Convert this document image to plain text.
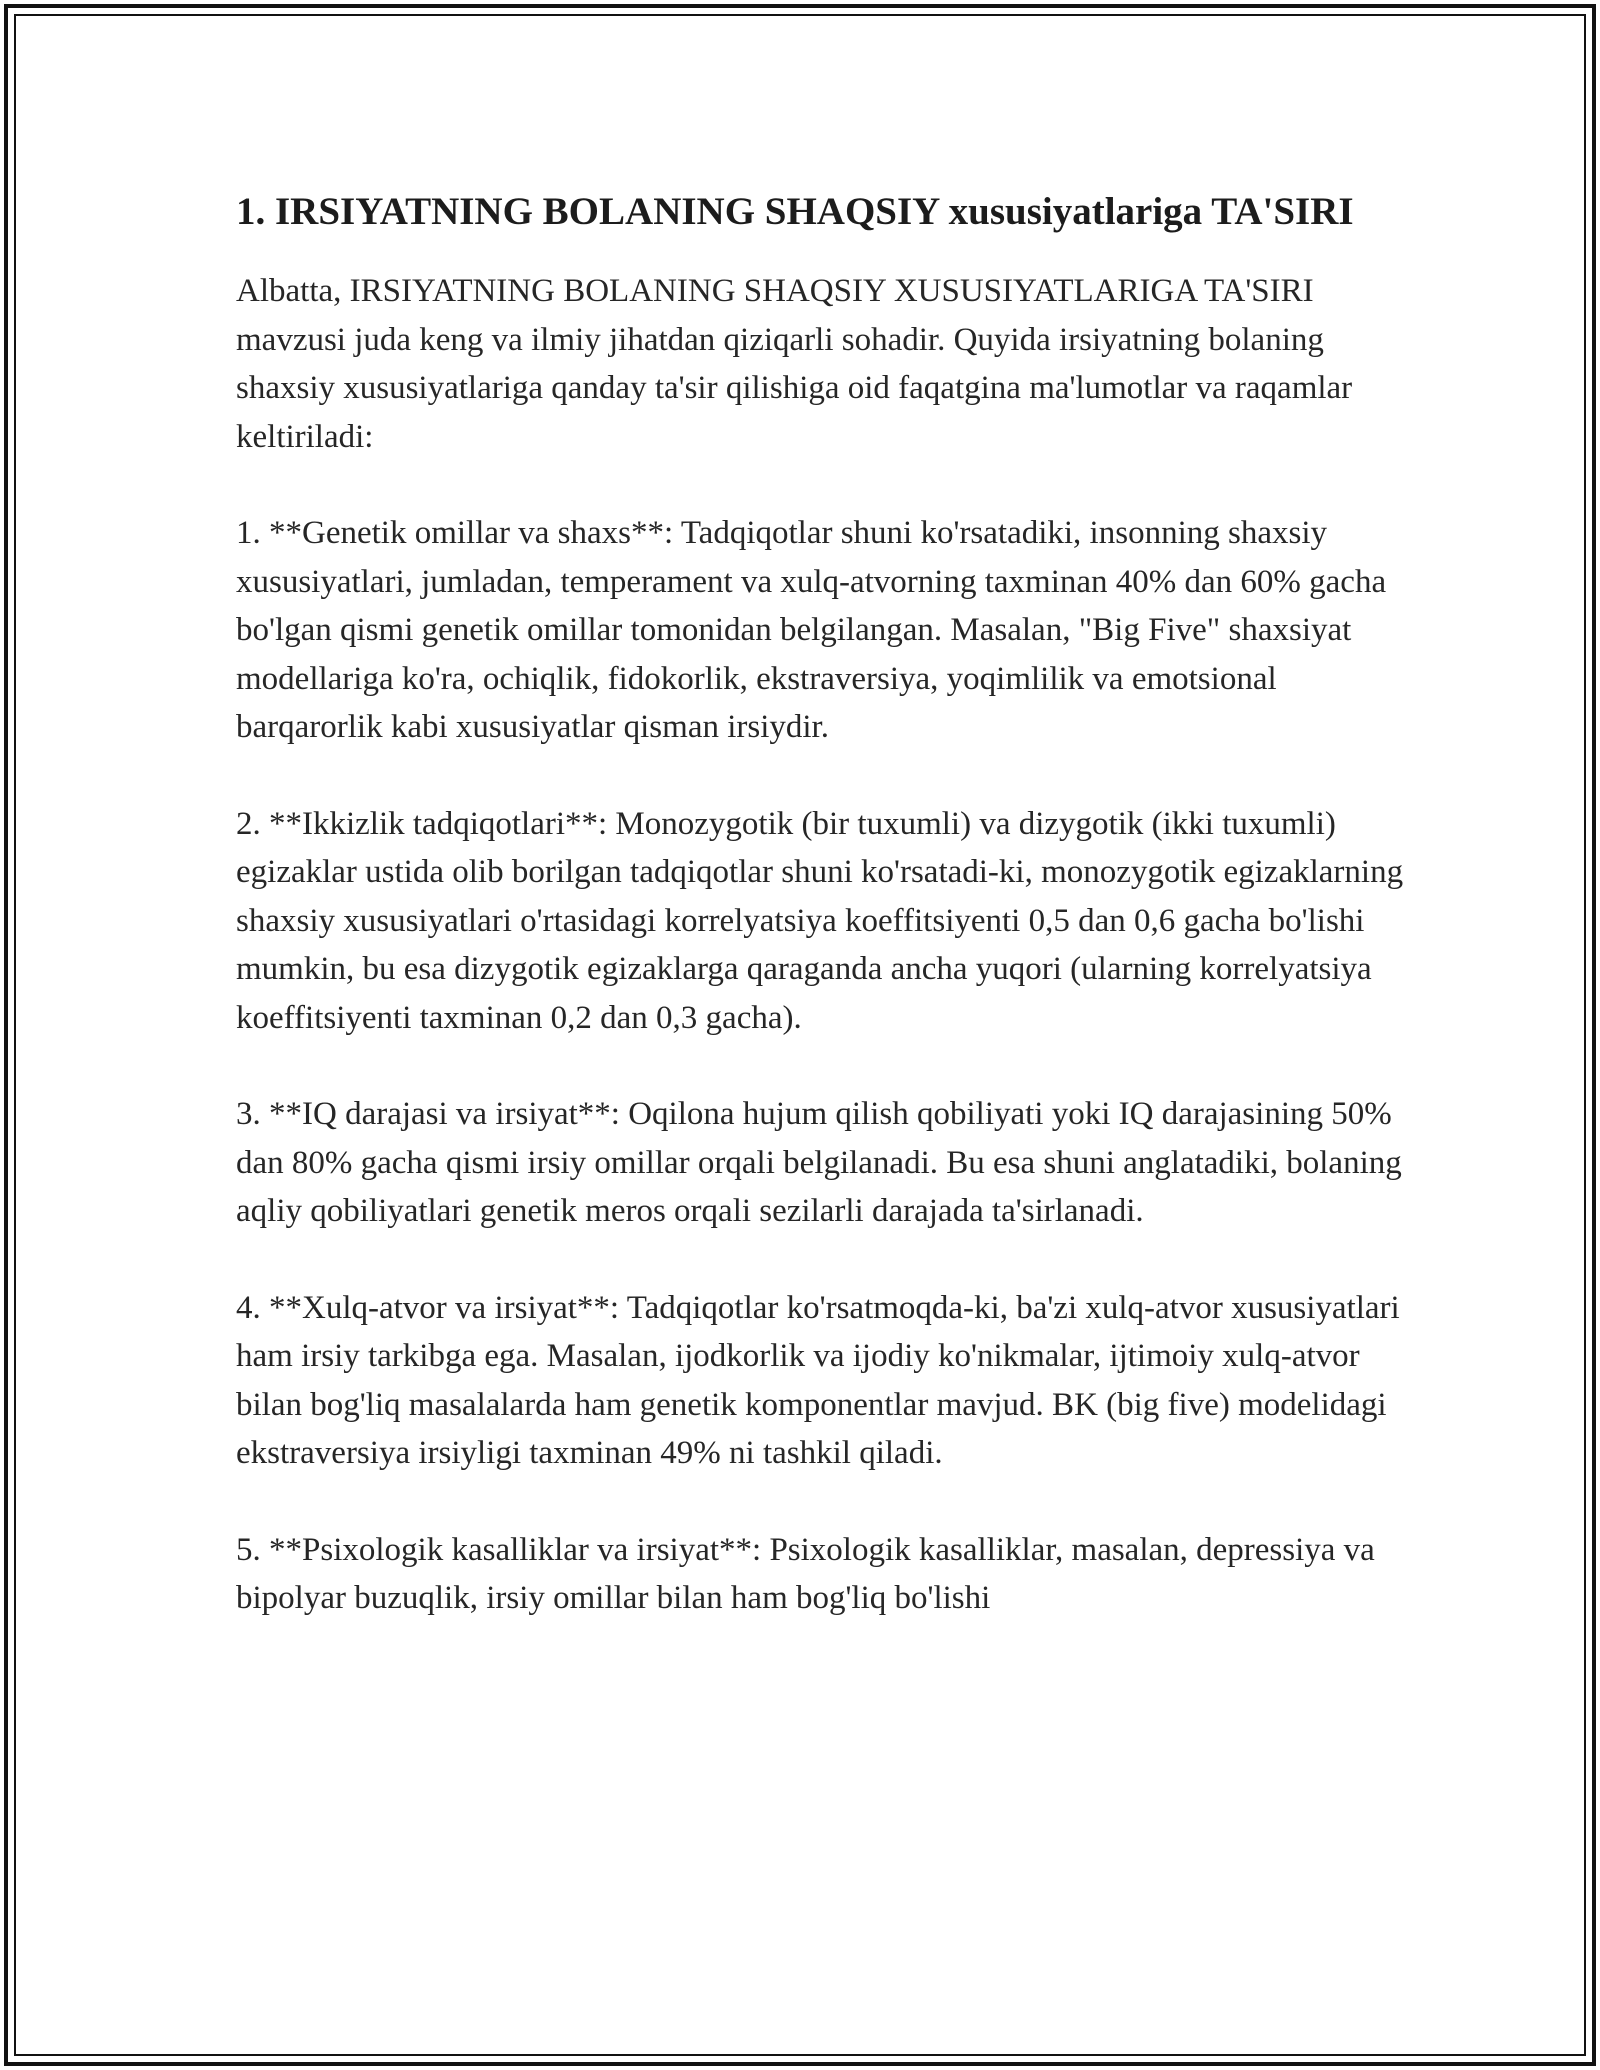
1. IRSIYATNING BOLANING SHAQSIY xususiyatlariga TA'SIRI

Albatta, IRSIYATNING BOLANING SHAQSIY XUSUSIYATLARIGA TA'SIRI mavzusi juda keng va ilmiy jihatdan qiziqarli sohadir. Quyida irsiyatning bolaning shaxsiy xususiyatlariga qanday ta'sir qilishiga oid faqatgina ma'lumotlar va raqamlar keltiriladi:

1. **Genetik omillar va shaxs**: Tadqiqotlar shuni ko'rsatadiki, insonning shaxsiy xususiyatlari, jumladan, temperament va xulq-atvorning taxminan 40% dan 60% gacha bo'lgan qismi genetik omillar tomonidan belgilangan. Masalan, "Big Five" shaxsiyat modellariga ko'ra, ochiqlik, fidokorlik, ekstraversiya, yoqimlilik va emotsional barqarorlik kabi xususiyatlar qisman irsiydir.

2. **Ikkizlik tadqiqotlari**: Monozygotik (bir tuxumli) va dizygotik (ikki tuxumli) egizaklar ustida olib borilgan tadqiqotlar shuni ko'rsatadi-ki, monozygotik egizaklarning shaxsiy xususiyatlari o'rtasidagi korrelyatsiya koeffitsiyenti 0,5 dan 0,6 gacha bo'lishi mumkin, bu esa dizygotik egizaklarga qaraganda ancha yuqori (ularning korrelyatsiya koeffitsiyenti taxminan 0,2 dan 0,3 gacha).

3. **IQ darajasi va irsiyat**: Oqilona hujum qilish qobiliyati yoki IQ darajasining 50% dan 80% gacha qismi irsiy omillar orqali belgilanadi. Bu esa shuni anglatadiki, bolaning aqliy qobiliyatlari genetik meros orqali sezilarli darajada ta'sirlanadi.

4. **Xulq-atvor va irsiyat**: Tadqiqotlar ko'rsatmoqda-ki, ba'zi xulq-atvor xususiyatlari ham irsiy tarkibga ega. Masalan, ijodkorlik va ijodiy ko'nikmalar, ijtimoiy xulq-atvor bilan bog'liq masalalarda ham genetik komponentlar mavjud. BK (big five) modelidagi ekstraversiya irsiyligi taxminan 49% ni tashkil qiladi.

5. **Psixologik kasalliklar va irsiyat**: Psixologik kasalliklar, masalan, depressiya va bipolyar buzuqlik, irsiy omillar bilan ham bog'liq bo'lishi
